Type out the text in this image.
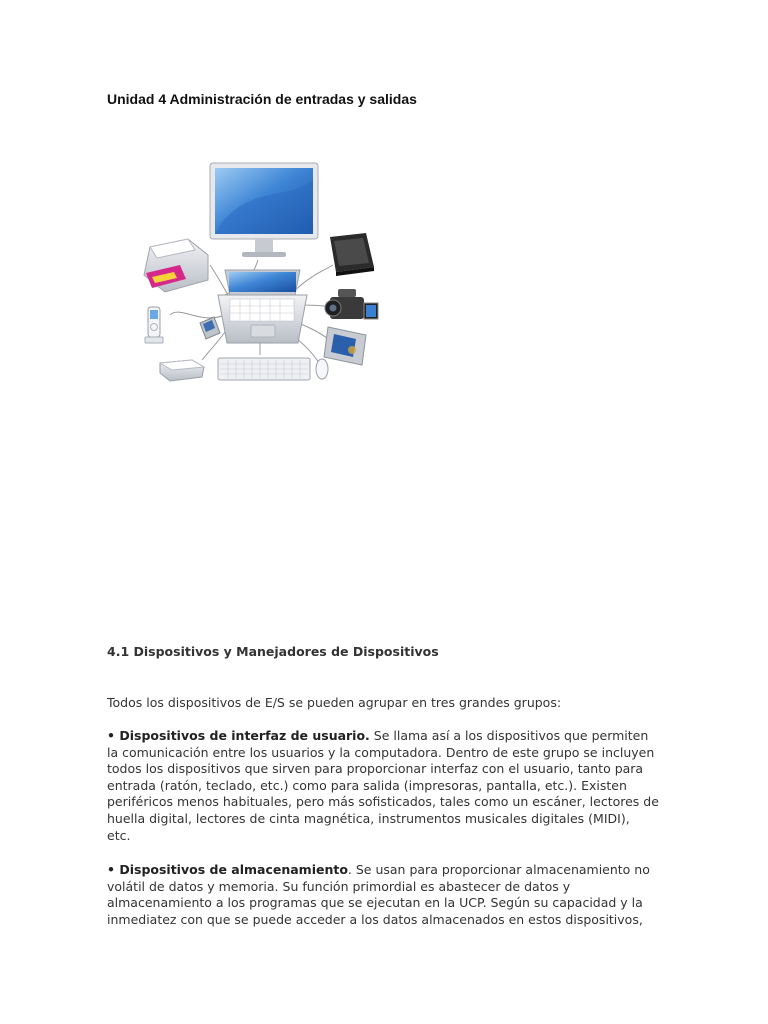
Unidad 4 Administración de entradas y salidas
4.1 Dispositivos y Manejadores de Dispositivos
Todos los dispositivos de E/S se pueden agrupar en tres grandes grupos:
• Dispositivos de interfaz de usuario. Se llama así a los dispositivos que permiten
la comunicación entre los usuarios y la computadora. Dentro de este grupo se incluyen
todos los dispositivos que sirven para proporcionar interfaz con el usuario, tanto para
entrada (ratón, teclado, etc.) como para salida (impresoras, pantalla, etc.). Existen
periféricos menos habituales, pero más sofisticados, tales como un escáner, lectores de
huella digital, lectores de cinta magnética, instrumentos musicales digitales (MIDI),
etc.
• Dispositivos de almacenamiento. Se usan para proporcionar almacenamiento no
volátil de datos y memoria. Su función primordial es abastecer de datos y
almacenamiento a los programas que se ejecutan en la UCP. Según su capacidad y la
inmediatez con que se puede acceder a los datos almacenados en estos dispositivos,
